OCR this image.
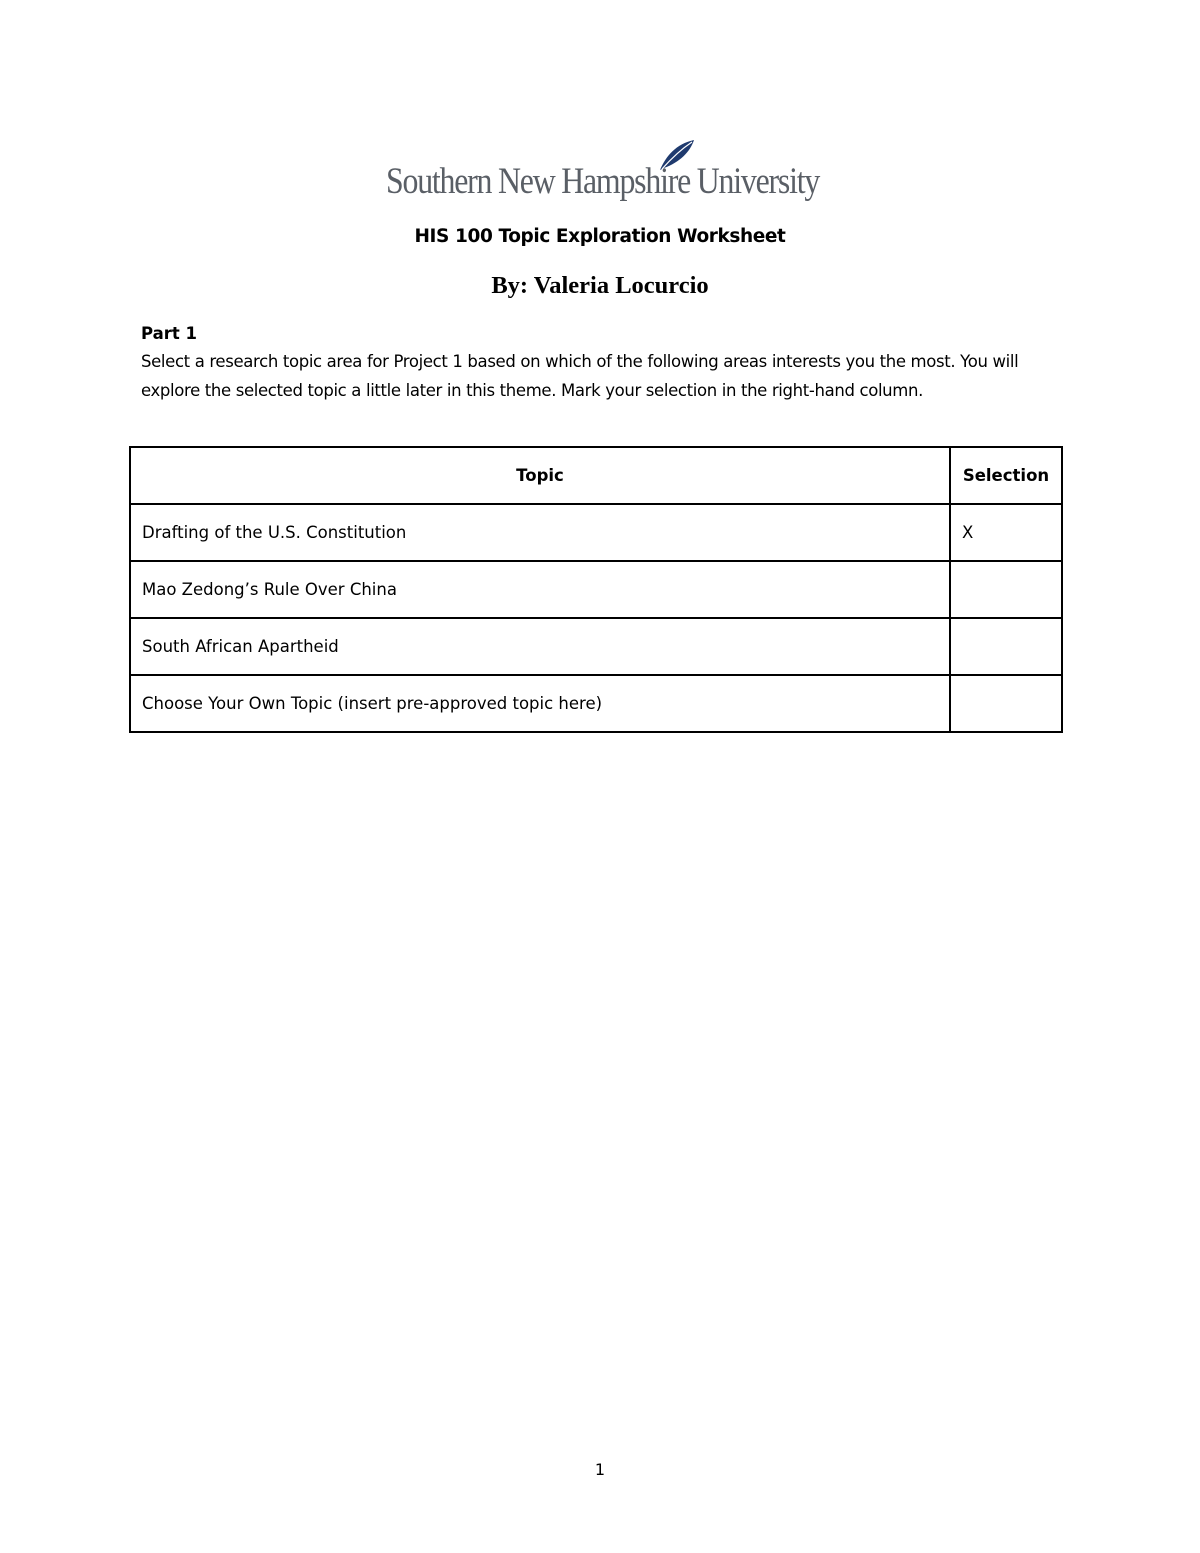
Southern New Hampshire University
HIS 100 Topic Exploration Worksheet
By: Valeria Locurcio
Part 1
Select a research topic area for Project 1 based on which of the following areas interests you the most. You will explore the selected topic a little later in this theme. Mark your selection in the right-hand column.
Topic	Selection
Drafting of the U.S. Constitution	X
Mao Zedong’s Rule Over China	
South African Apartheid	
Choose Your Own Topic (insert pre-approved topic here)	
1
